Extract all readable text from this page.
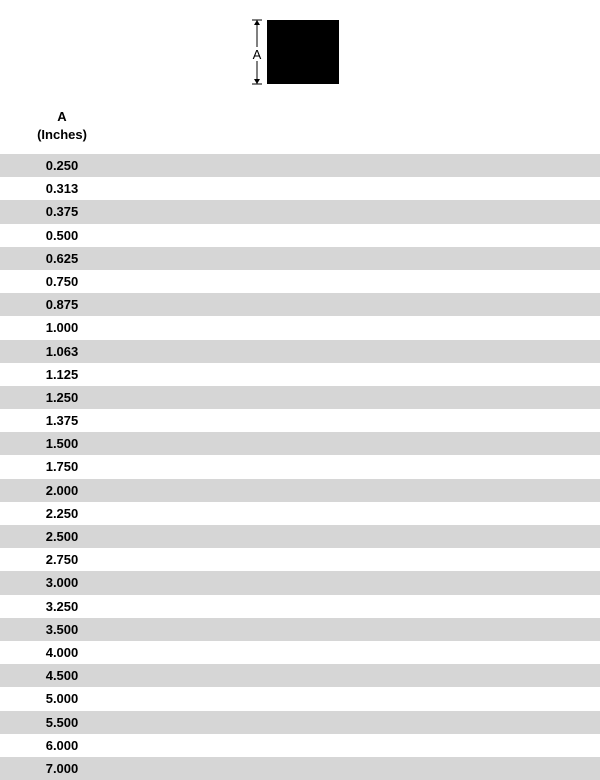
A
A
(Inches)
0.250
0.313
0.375
0.500
0.625
0.750
0.875
1.000
1.063
1.125
1.250
1.375
1.500
1.750
2.000
2.250
2.500
2.750
3.000
3.250
3.500
4.000
4.500
5.000
5.500
6.000
7.000
